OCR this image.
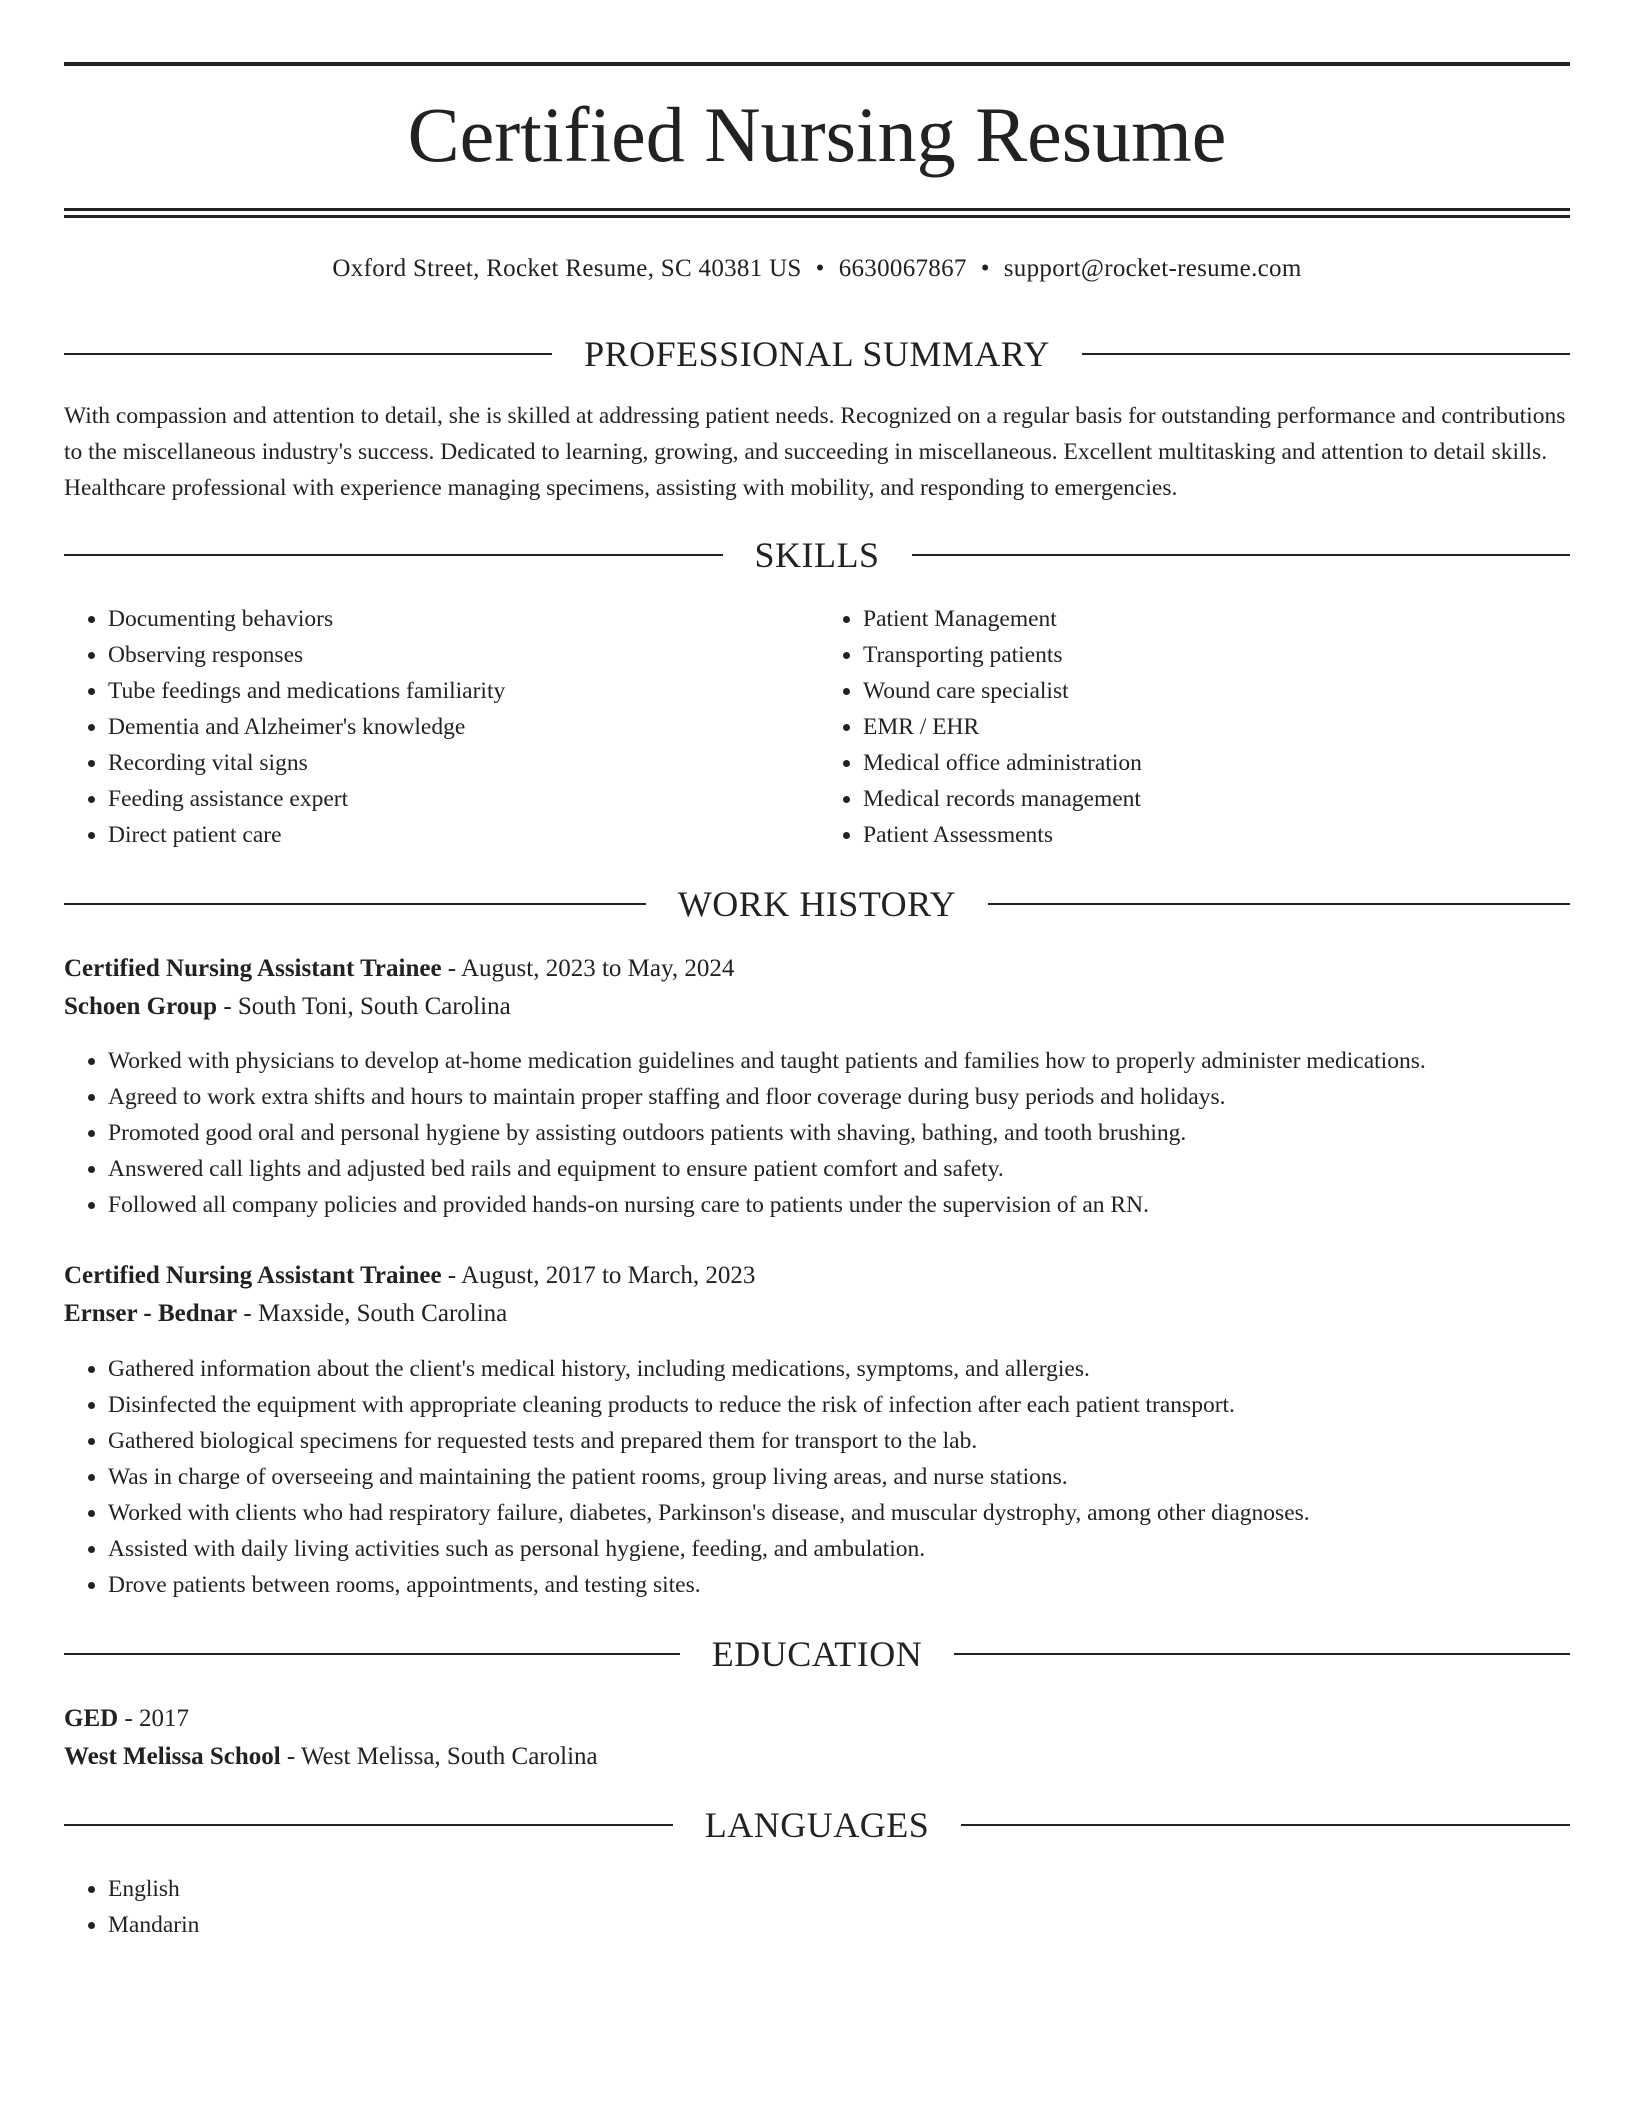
Certified Nursing Resume
Oxford Street, Rocket Resume, SC 40381 US • 6630067867 • support@rocket-resume.com
PROFESSIONAL SUMMARY

With compassion and attention to detail, she is skilled at addressing patient needs. Recognized on a regular basis for outstanding performance and contributions to the miscellaneous industry's success. Dedicated to learning, growing, and succeeding in miscellaneous. Excellent multitasking and attention to detail skills. Healthcare professional with experience managing specimens, assisting with mobility, and responding to emergencies.

SKILLS
• Documenting behaviors
• Observing responses
• Tube feedings and medications familiarity
• Dementia and Alzheimer's knowledge
• Recording vital signs
• Feeding assistance expert
• Direct patient care
• Patient Management
• Transporting patients
• Wound care specialist
• EMR / EHR
• Medical office administration
• Medical records management
• Patient Assessments
WORK HISTORY
Certified Nursing Assistant Trainee - August, 2023 to May, 2024
Schoen Group - South Toni, South Carolina
• Worked with physicians to develop at-home medication guidelines and taught patients and families how to properly administer medications.
• Agreed to work extra shifts and hours to maintain proper staffing and floor coverage during busy periods and holidays.
• Promoted good oral and personal hygiene by assisting outdoors patients with shaving, bathing, and tooth brushing.
• Answered call lights and adjusted bed rails and equipment to ensure patient comfort and safety.
• Followed all company policies and provided hands-on nursing care to patients under the supervision of an RN.
Certified Nursing Assistant Trainee - August, 2017 to March, 2023
Ernser - Bednar - Maxside, South Carolina
• Gathered information about the client's medical history, including medications, symptoms, and allergies.
• Disinfected the equipment with appropriate cleaning products to reduce the risk of infection after each patient transport.
• Gathered biological specimens for requested tests and prepared them for transport to the lab.
• Was in charge of overseeing and maintaining the patient rooms, group living areas, and nurse stations.
• Worked with clients who had respiratory failure, diabetes, Parkinson's disease, and muscular dystrophy, among other diagnoses.
• Assisted with daily living activities such as personal hygiene, feeding, and ambulation.
• Drove patients between rooms, appointments, and testing sites.
EDUCATION
GED - 2017
West Melissa School - West Melissa, South Carolina
LANGUAGES
• English
• Mandarin
